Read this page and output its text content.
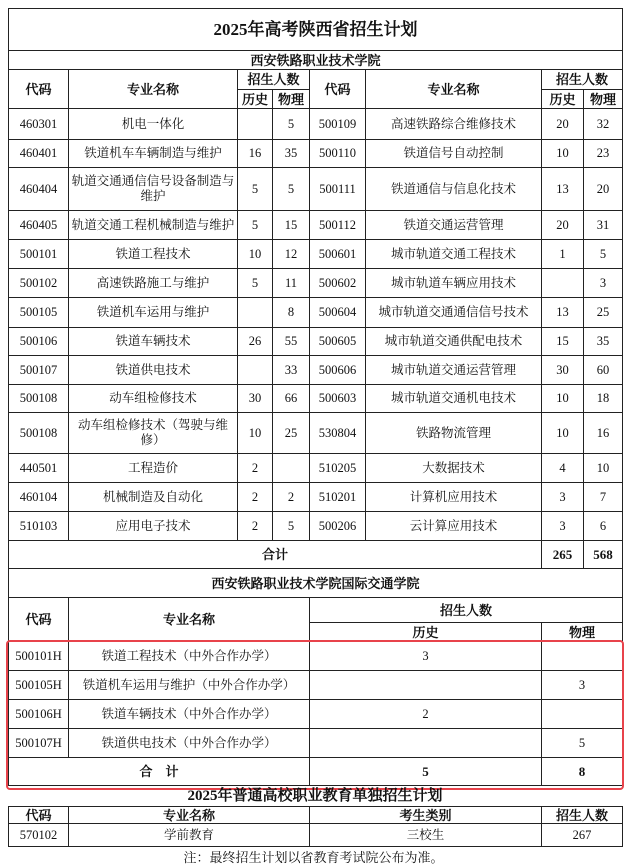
2025年高考陕西省招生计划							
西安铁路职业技术学院							
代码	专业名称	招生人数		代码	专业名称	招生人数	
		历史	物理			历史	物理
460301	机电一体化		5	500109	高速铁路综合维修技术	20	32
460401	铁道机车车辆制造与维护	16	35	500110	铁道信号自动控制	10	23
460404	轨道交通通信信号设备制造与维护	5	5	500111	铁道通信与信息化技术	13	20
460405	轨道交通工程机械制造与维护	5	15	500112	铁道交通运营管理	20	31
500101	铁道工程技术	10	12	500601	城市轨道交通工程技术	1	5
500102	高速铁路施工与维护	5	11	500602	城市轨道车辆应用技术		3
500105	铁道机车运用与维护		8	500604	城市轨道交通通信信号技术	13	25
500106	铁道车辆技术	26	55	500605	城市轨道交通供配电技术	15	35
500107	铁道供电技术		33	500606	城市轨道交通运营管理	30	60
500108	动车组检修技术	30	66	500603	城市轨道交通机电技术	10	18
500108	动车组检修技术（驾驶与维修）	10	25	530804	铁路物流管理	10	16
440501	工程造价	2		510205	大数据技术	4	10
460104	机械制造及自动化	2	2	510201	计算机应用技术	3	7
510103	应用电子技术	2	5	500206	云计算应用技术	3	6
合计						265	568
西安铁路职业技术学院国际交通学院			
代码	专业名称	招生人数	
		历史	物理
500101H	铁道工程技术（中外合作办学）	3	
500105H	铁道机车运用与维护（中外合作办学）		3
500106H	铁道车辆技术（中外合作办学）	2	
500107H	铁道供电技术（中外合作办学）		5
合　计		5	8
2025年普通高校职业教育单独招生计划
代码	专业名称	考生类别	招生人数
570102	学前教育	三校生	267
注：最终招生计划以省教育考试院公布为准。
